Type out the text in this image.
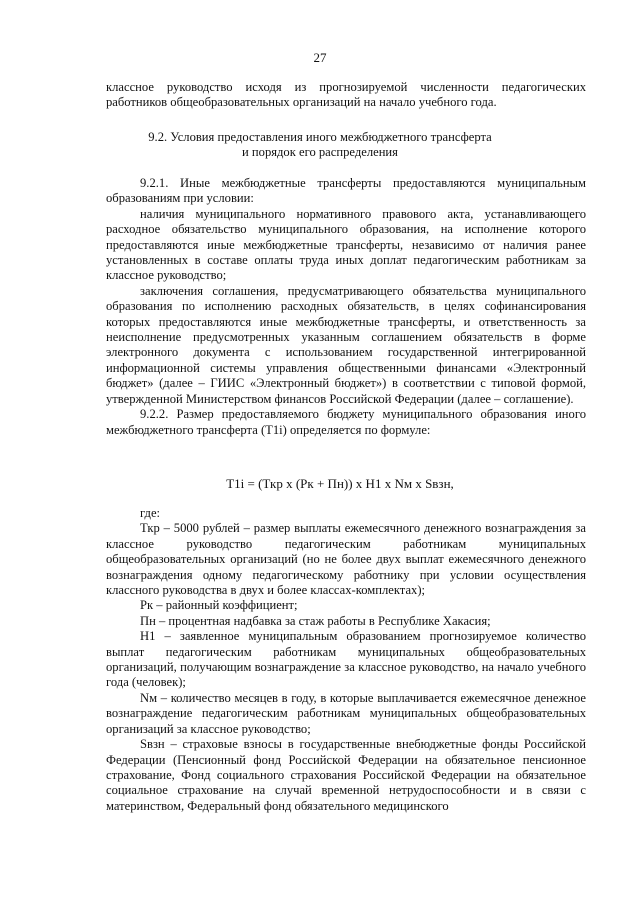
27

классное руководство исходя из прогнозируемой численности педагогических работников общеобразовательных организаций на начало учебного года.

9.2. Условия предоставления иного межбюджетного трансферта
и порядок его распределения

9.2.1. Иные межбюджетные трансферты предоставляются муниципальным образованиям при условии:

наличия муниципального нормативного правового акта, устанавливающего расходное обязательство муниципального образования, на исполнение которого предоставляются иные межбюджетные трансферты, независимо от наличия ранее установленных в составе оплаты труда иных доплат педагогическим работникам за классное руководство;

заключения соглашения, предусматривающего обязательства муниципального образования по исполнению расходных обязательств, в целях софинансирования которых предоставляются иные межбюджетные трансферты, и ответственность за неисполнение предусмотренных указанным соглашением обязательств в форме электронного документа с использованием государственной интегрированной информационной системы управления общественными финансами «Электронный бюджет» (далее – ГИИС «Электронный бюджет») в соответствии с типовой формой, утвержденной Министерством финансов Российской Федерации (далее – соглашение).

9.2.2. Размер предоставляемого бюджету муниципального образования иного межбюджетного трансферта (T1i) определяется по формуле:

T1i = (Ткр х (Рк + Пн)) х H1 х Nм х Sвзн,

где:

Ткр – 5000 рублей – размер выплаты ежемесячного денежного вознаграждения за классное руководство педагогическим работникам муниципальных общеобразовательных организаций (но не более двух выплат ежемесячного денежного вознаграждения одному педагогическому работнику при условии осуществления классного руководства в двух и более классах-комплектах);

Рк – районный коэффициент;

Пн – процентная надбавка за стаж работы в Республике Хакасия;

H1 – заявленное муниципальным образованием прогнозируемое количество выплат педагогическим работникам муниципальных общеобразовательных организаций, получающим вознаграждение за классное руководство, на начало учебного года (человек);

Nм – количество месяцев в году, в которые выплачивается ежемесячное денежное вознаграждение педагогическим работникам муниципальных общеобразовательных организаций за классное руководство;

Sвзн – страховые взносы в государственные внебюджетные фонды Российской Федерации (Пенсионный фонд Российской Федерации на обязательное пенсионное страхование, Фонд социального страхования Российской Федерации на обязательное социальное страхование на случай временной нетрудоспособности и в связи с материнством, Федеральный фонд обязательного медицинского
